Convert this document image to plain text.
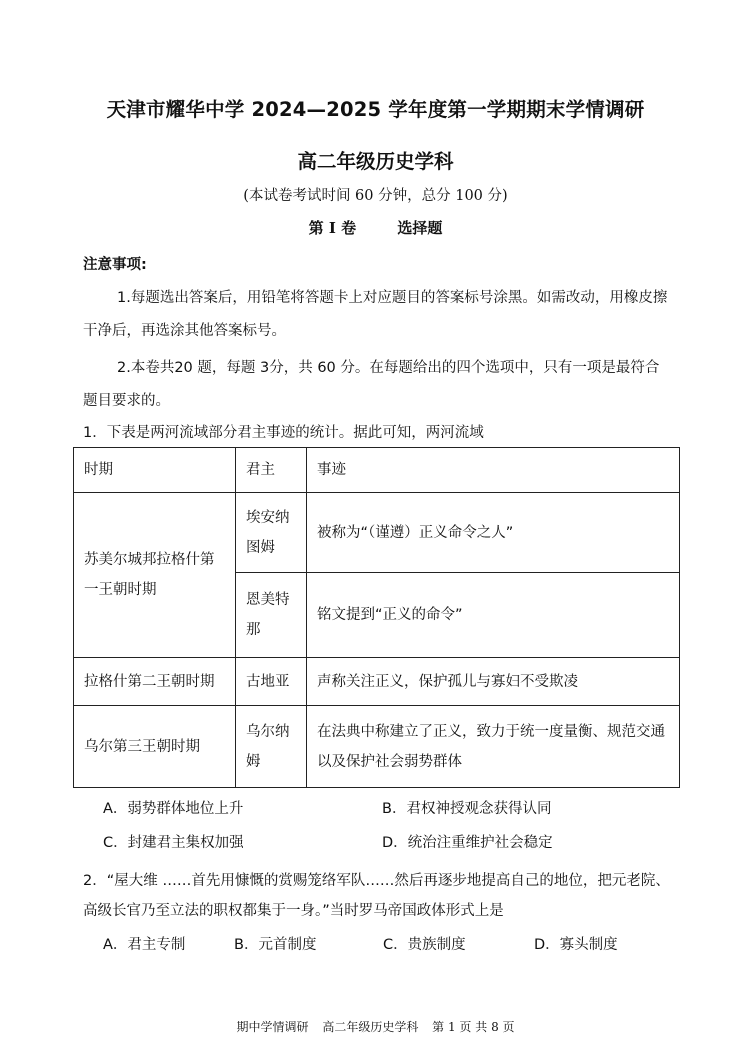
天津市耀华中学 2024—2025 学年度第一学期期末学情调研
高二年级历史学科
(本试卷考试时间 60 分钟，总分 100 分)
第 I 卷	选择题
注意事项:
1.每题选出答案后，用铅笔将答题卡上对应题目的答案标号涂黑。如需改动，用橡皮擦干净后，再选涂其他答案标号。
2.本卷共20 题，每题 3分，共 60 分。在每题给出的四个选项中，只有一项是最符合题目要求的。
1．下表是两河流域部分君主事迹的统计。据此可知，两河流域
时期	君主	事迹
苏美尔城邦拉格什第一王朝时期	埃安纳图姆	被称为“（谨遵）正义命令之人”
	恩美特那	铭文提到“正义的命令”
拉格什第二王朝时期	古地亚	声称关注正义，保护孤儿与寡妇不受欺凌
乌尔第三王朝时期	乌尔纳姆	在法典中称建立了正义，致力于统一度量衡、规范交通以及保护社会弱势群体
A．弱势群体地位上升	B．君权神授观念获得认同
C．封建君主集权加强	D．统治注重维护社会稳定
2．“屋大维 ……首先用慷慨的赏赐笼络军队……然后再逐步地提高自己的地位，把元老院、高级长官乃至立法的职权都集于一身。”当时罗马帝国政体形式上是
A．君主专制	B．元首制度	C．贵族制度	D．寡头制度
期中学情调研 高二年级历史学科 第 1 页 共 8 页
